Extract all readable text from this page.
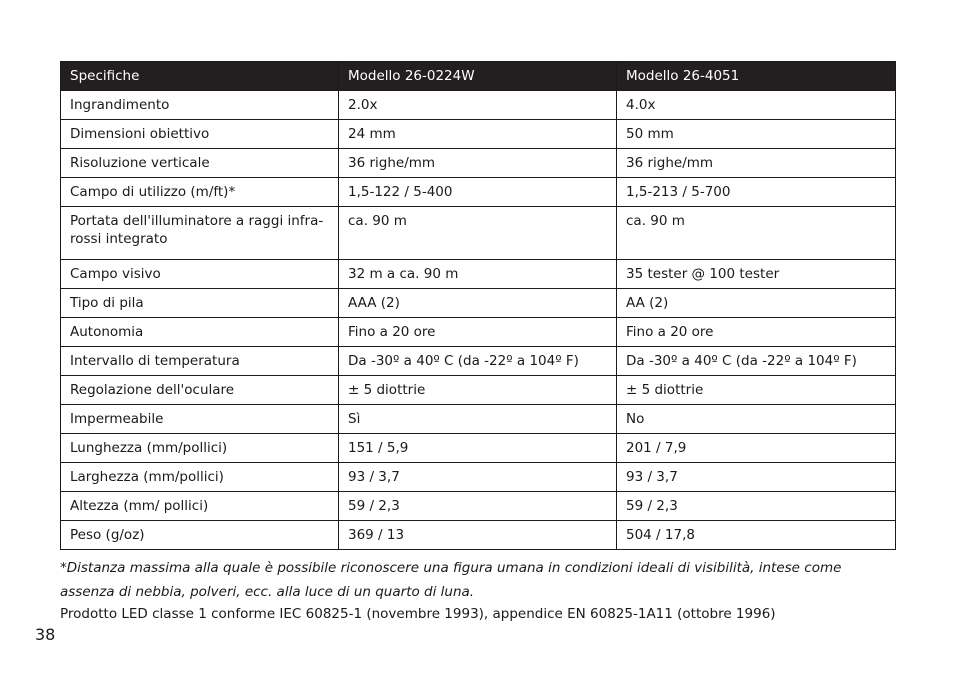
Specifiche	Modello 26-0224W	Modello 26-4051
Ingrandimento	2.0x	4.0x
Dimensioni obiettivo	24 mm	50 mm
Risoluzione verticale	36 righe/mm	36 righe/mm
Campo di utilizzo (m/ft)*	1,5-122 / 5-400	1,5-213 / 5-700
Portata dell'illuminatore a raggi infra-rossi integrato	ca. 90 m	ca. 90 m
Campo visivo	32 m a ca. 90 m	35 tester @ 100 tester
Tipo di pila	AAA (2)	AA (2)
Autonomia	Fino a 20 ore	Fino a 20 ore
Intervallo di temperatura	Da -30º a 40º C (da -22º a 104º F)	Da -30º a 40º C (da -22º a 104º F)
Regolazione dell'oculare	± 5 diottrie	± 5 diottrie
Impermeabile	Sì	No
Lunghezza (mm/pollici)	151 / 5,9	201 / 7,9
Larghezza (mm/pollici)	93 / 3,7	93 / 3,7
Altezza (mm/ pollici)	59 / 2,3	59 / 2,3
Peso (g/oz)	369 / 13	504 / 17,8
*Distanza massima alla quale è possibile riconoscere una figura umana in condizioni ideali di visibilità, intese come assenza di nebbia, polveri, ecc. alla luce di un quarto di luna.
Prodotto LED classe 1 conforme IEC 60825-1 (novembre 1993), appendice EN 60825-1A11 (ottobre 1996)
38
